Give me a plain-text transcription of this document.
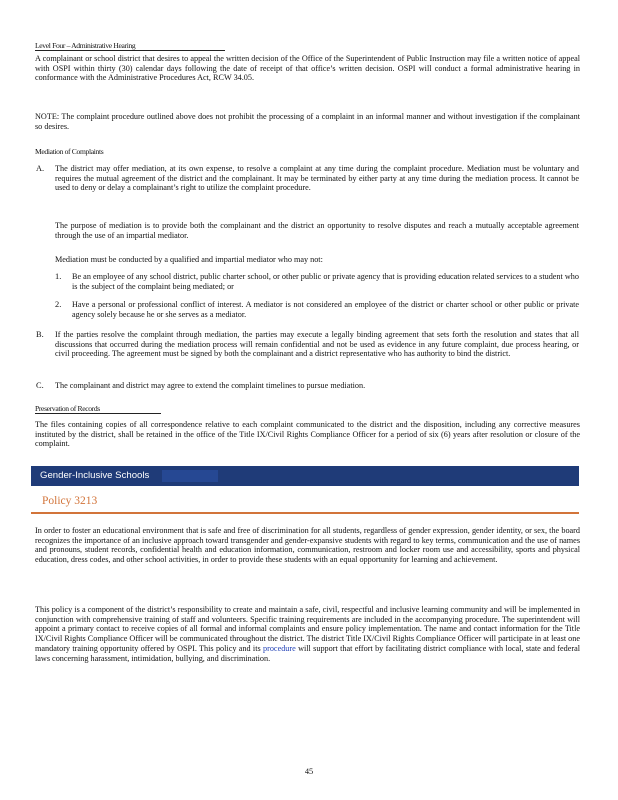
Level Four – Administrative Hearing

A complainant or school district that desires to appeal the written decision of the Office of the Superintendent of Public Instruction may file a written notice of appeal with OSPI within thirty (30) calendar days following the date of receipt of that office’s written decision. OSPI will conduct a formal administrative hearing in conformance with the Administrative Procedures Act, RCW 34.05.

NOTE: The complaint procedure outlined above does not prohibit the processing of a complaint in an informal manner and without investigation if the complainant so desires.

Mediation of Complaints
A. The district may offer mediation, at its own expense, to resolve a complaint at any time during the complaint procedure. Mediation must be voluntary and requires the mutual agreement of the district and the complainant. It may be terminated by either party at any time during the mediation process. It cannot be used to deny or delay a complainant’s right to utilize the complaint procedure.

The purpose of mediation is to provide both the complainant and the district an opportunity to resolve disputes and reach a mutually acceptable agreement through the use of an impartial mediator.

Mediation must be conducted by a qualified and impartial mediator who may not:

1. Be an employee of any school district, public charter school, or other public or private agency that is providing education related services to a student who is the subject of the complaint being mediated; or

2. Have a personal or professional conflict of interest. A mediator is not considered an employee of the district or charter school or other public or private agency solely because he or she serves as a mediator.

B. If the parties resolve the complaint through mediation, the parties may execute a legally binding agreement that sets forth the resolution and states that all discussions that occurred during the mediation process will remain confidential and not be used as evidence in any future complaint, due process hearing, or civil proceeding. The agreement must be signed by both the complainant and a district representative who has authority to bind the district.

C. The complainant and district may agree to extend the complaint timelines to pursue mediation.

Preservation of Records

The files containing copies of all correspondence relative to each complaint communicated to the district and the disposition, including any corrective measures instituted by the district, shall be retained in the office of the Title IX/Civil Rights Compliance Officer for a period of six (6) years after resolution or closure of the complaint.

Gender-Inclusive Schools
Policy 3213

In order to foster an educational environment that is safe and free of discrimination for all students, regardless of gender expression, gender identity, or sex, the board recognizes the importance of an inclusive approach toward transgender and gender-expansive students with regard to key terms, communication and the use of names and pronouns, student records, confidential health and education information, communication, restroom and locker room use and accessibility, sports and physical education, dress codes, and other school activities, in order to provide these students with an equal opportunity for learning and achievement.

This policy is a component of the district’s responsibility to create and maintain a safe, civil, respectful and inclusive learning community and will be implemented in conjunction with comprehensive training of staff and volunteers. Specific training requirements are included in the accompanying procedure. The superintendent will appoint a primary contact to receive copies of all formal and informal complaints and ensure policy implementation. The name and contact information for the Title IX/Civil Rights Compliance Officer will be communicated throughout the district. The district Title IX/Civil Rights Compliance Officer will participate in at least one mandatory training opportunity offered by OSPI. This policy and its procedure will support that effort by facilitating district compliance with local, state and federal laws concerning harassment, intimidation, bullying, and discrimination.

45
